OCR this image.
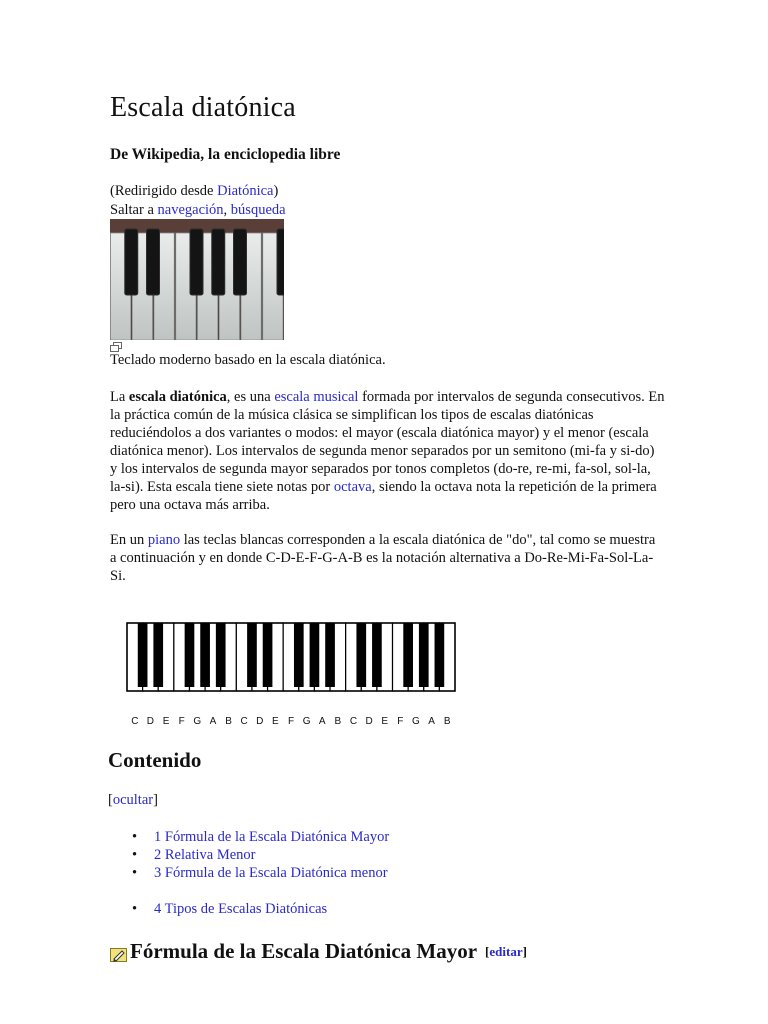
Escala diatónica
De Wikipedia, la enciclopedia libre
(Redirigido desde Diatónica)
Saltar a navegación, búsqueda
Teclado moderno basado en la escala diatónica.
La escala diatónica, es una escala musical formada por intervalos de segunda consecutivos. En la práctica común de la música clásica se simplifican los tipos de escalas diatónicas reduciéndolos a dos variantes o modos: el mayor (escala diatónica mayor) y el menor (escala diatónica menor). Los intervalos de segunda menor separados por un semitono (mi-fa y si-do) y los intervalos de segunda mayor separados por tonos completos (do-re, re-mi, fa-sol, sol-la, la-si). Esta escala tiene siete notas por octava, siendo la octava nota la repetición de la primera pero una octava más arriba.
En un piano las teclas blancas corresponden a la escala diatónica de "do", tal como se muestra a continuación y en donde C-D-E-F-G-A-B es la notación alternativa a Do-Re-Mi-Fa-Sol-La-Si.
C D E F G A B C D E F G A B C D E F G A B
Contenido
[ocultar]
• 1 Fórmula de la Escala Diatónica Mayor
• 2 Relativa Menor
• 3 Fórmula de la Escala Diatónica menor
• 4 Tipos de Escalas Diatónicas
Fórmula de la Escala Diatónica Mayor [editar]
